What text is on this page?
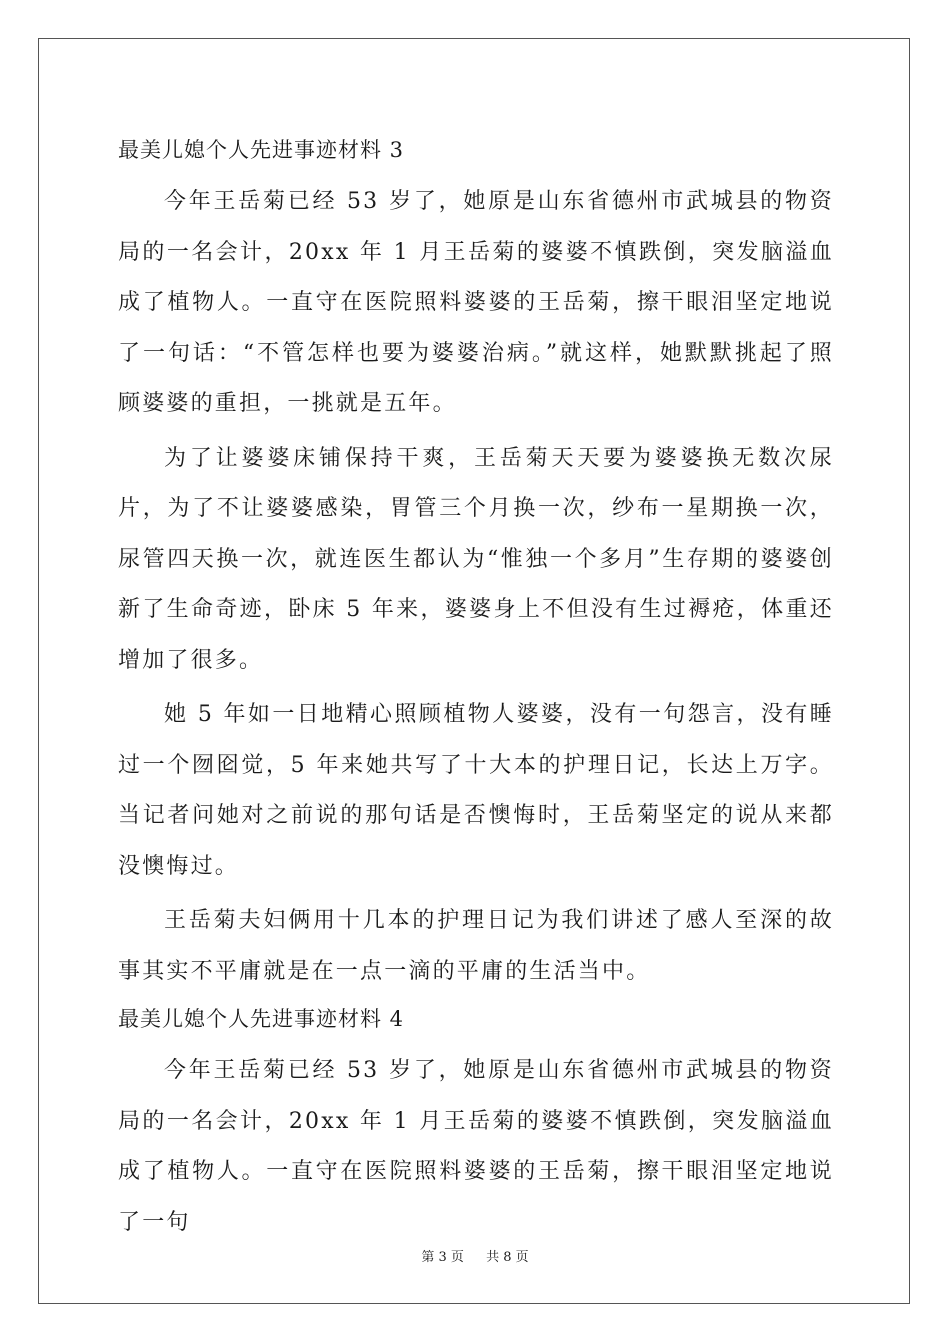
最美儿媳个人先进事迹材料 3

今年王岳菊已经 53 岁了，她原是山东省德州市武城县的物资局的一名会计，20xx 年 1 月王岳菊的婆婆不慎跌倒，突发脑溢血成了植物人。一直守在医院照料婆婆的王岳菊，擦干眼泪坚定地说了一句话：“不管怎样也要为婆婆治病。”就这样，她默默挑起了照顾婆婆的重担，一挑就是五年。

为了让婆婆床铺保持干爽，王岳菊天天要为婆婆换无数次尿片，为了不让婆婆感染，胃管三个月换一次，纱布一星期换一次，尿管四天换一次，就连医生都认为“惟独一个多月”生存期的婆婆创新了生命奇迹，卧床 5 年来，婆婆身上不但没有生过褥疮，体重还增加了很多。

她 5 年如一日地精心照顾植物人婆婆，没有一句怨言，没有睡过一个囫囵觉，5 年来她共写了十大本的护理日记，长达上万字。当记者问她对之前说的那句话是否懊悔时，王岳菊坚定的说从来都没懊悔过。

王岳菊夫妇俩用十几本的护理日记为我们讲述了感人至深的故事其实不平庸就是在一点一滴的平庸的生活当中。

最美儿媳个人先进事迹材料 4

今年王岳菊已经 53 岁了，她原是山东省德州市武城县的物资局的一名会计，20xx 年 1 月王岳菊的婆婆不慎跌倒，突发脑溢血成了植物人。一直守在医院照料婆婆的王岳菊，擦干眼泪坚定地说了一句

第 3 页 共 8 页
